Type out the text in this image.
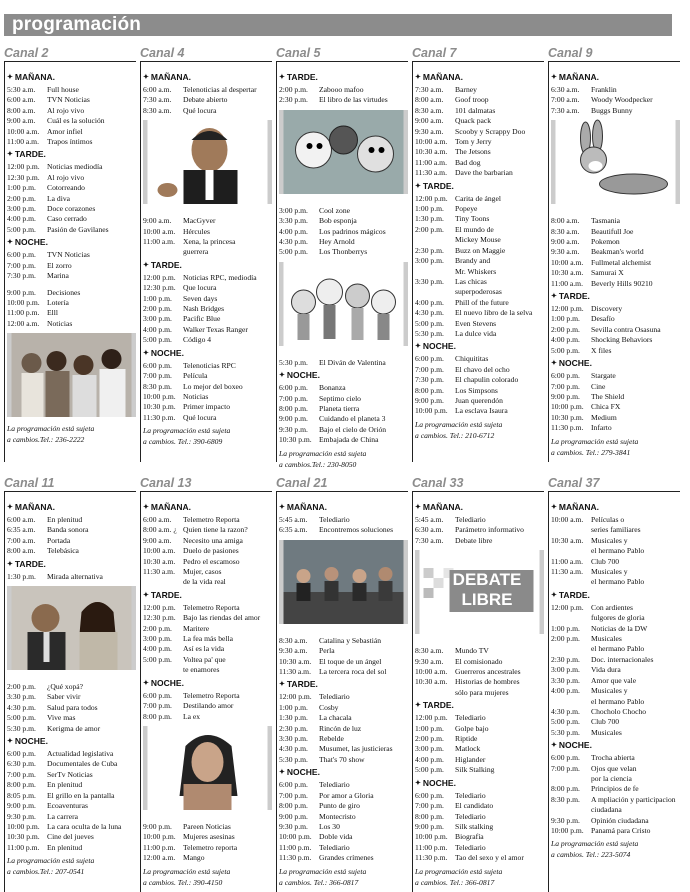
programación
Canal 2
✦ MAÑANA.
5:30 a.m.	Full house
6:00 a.m.	TVN Noticias
8:00 a.m.	Al rojo vivo
9:00 a.m.	Cuál es la solución
10:00 a.m.	Amor infiel
11:00 a.m.	Trapos íntimos
✦ TARDE.
12:00 p.m. Noticias mediodía
12:30 p.m. Al rojo vivo
1:00 p.m.	Cotorreando
2:00 p.m.	La diva
3:00 p.m.	Doce corazones
4:00 p.m.	Caso cerrado
5:00 p.m.	Pasión de Gavilanes
✦ NOCHE.
6:00 p.m.	TVN Noticias
7:00 p.m.	El zorro
7:30 p.m.	Marina
9:00 p.m.	Decisiones
10:00 p.m. Lotería
11:00 p.m. Elll
12:00 a.m.	Noticias
La programación está sujeta
a cambios.Tel.: 236-2222
Canal 4
✦ MAÑANA.
6:00 a.m.	Telenoticias al despertar
7:30 a.m.	Debate abierto
8:30 a.m.	Qué locura
9:00 a.m.	MacGyver
10:00 a.m.	Hércules
11:00 a.m.	Xena, la princesa
guerrera
✦ TARDE.
12:00 p.m. Noticias RPC, mediodía
12:30 p.m. Que locura
1:00 p.m.	Seven days
2:00 p.m.	Nash Bridges
3:00 p.m.	Pacific Blue
4:00 p.m.	Walker Texas Ranger
5:00 p.m.	Código 4
✦ NOCHE.
6:00 p.m.	Telenoticias RPC
7:00 p.m.	Película
8:30 p.m.	Lo mejor del boxeo
10:00 p.m. Noticias
10:30 p.m. Primer impacto
11:30 p.m. Qué locura
La programación está sujeta
a cambios. Tel.: 390-6809
Canal 5
✦ TARDE.
2:00 p.m.	Zabooo mafoo
2:30 p.m.	El libro de las virtudes
3:00 p.m.	Cool zone
3:30 p.m.	Bob esponja
4:00 p.m.	Los padrinos mágicos
4:30 p.m.	Hey Arnold
5:00 p.m.	Los Thonberrys
5:30 p.m.	El Diván de Valentina
✦ NOCHE.
6:00 p.m.	Bonanza
7:00 p.m.	Septimo cielo
8:00 p.m.	Planeta tierra
9:00 p.m.	Cuidando el planeta 3
9:30 p.m.	Bajo el cielo de Orión
10:30 p.m. Embajada de China
La programación está sujeta
a cambios.Tel.: 230-8050
Canal 7
✦ MAÑANA.
7:30 a.m.	Barney
8:00 a.m.	Goof troop
8:30 a.m.	101 dalmatas
9:00 a.m.	Quack pack
9:30 a.m.	Scooby y Scrappy Doo
10:00 a.m.	Tom y Jerry
10:30 a.m.	The Jetsons
11:00 a.m.	Bad dog
11:30 a.m.	Dave the barbarian
✦ TARDE.
12:00 p.m. Carita de ángel
1:00 p.m.	Popeye
1:30 p.m.	Tiny Toons
2:00 p.m.	El mundo de
Mickey Mouse
2:30 p.m.	Buzz on Maggie
3:00 p.m.	Brandy and
Mr. Whiskers
3:30 p.m.	Las chicas
superpoderosas
4:00 p.m.	Phill of the future
4:30 p.m.	El nuevo libro de la selva
5:00 p.m.	Even Stevens
5:30 p.m.	La dulce vida
✦ NOCHE.
6:00 p.m.	Chiquititas
7:00 p.m.	El chavo del ocho
7:30 p.m.	El chapulin colorado
8:00 p.m.	Los Simpsons
9:00 p.m.	Juan querendón
10:00 p.m. La esclava Isaura
La programación está sujeta
a cambios. Tel.: 210-6712
Canal 9
✦ MAÑANA.
6:30 a.m.	Franklin
7:00 a.m.	Woody Woodpecker
7:30 a.m.	Buggs Bunny
8:00 a.m.	Tasmania
8:30 a.m.	Beautifull Joe
9:00 a.m.	Pokemon
9:30 a.m.	Beakman's world
10:00 a.m.	Fullmetal alchemist
10:30 a.m.	Samurai X
11:00 a.m.	Beverly Hills 90210
✦ TARDE.
12:00 p.m. Discovery
1:00 p.m.	Desafío
2:00 p.m.	Sevilla contra Osasuna
4:00 p.m.	Shocking Behaviors
5:00 p.m.	X files
✦ NOCHE.
6:00 p.m.	Stargate
7:00 p.m.	Cine
9:00 p.m.	The Shield
10:00 p.m. Chica FX
10:30 p.m. Medium
11:30 p.m. Infarto
La programación está sujeta
a cambios. Tel.: 279-3841
Canal 11
✦ MAÑANA.
6:00 a.m.	En plenitud
6:35 a.m.	Banda sonora
7:00 a.m.	Portada
8:00 a.m.	Telebásica
✦ TARDE.
1:30 p.m.	Mirada alternativa
2:00 p.m.	¿Qué xopá?
3:30 p.m.	Saber vivir
4:30 p.m.	Salud para todos
5:00 p.m.	Vive mas
5:30 p.m.	Kerigma de amor
✦ NOCHE.
6:00 p.m.	Actualidad legislativa
6:30 p.m.	Documentales de Cuba
7:00 p.m.	SerTv Noticias
8:00 p.m.	En plenitud
8:05 p.m.	El grillo en la pantalla
9:00 p.m.	Ecoaventuras
9:30 p.m.	La carrera
10:00 p.m. La cara oculta de la luna
10:30 p.m. Cine del jueves
11:00 p.m. En plenitud
La programación está sujeta
a cambios.Tel.: 207-0541
Canal 13
✦ MAÑANA.
6:00 a.m.	Telemetro Reporta
8:00 a.m. ¿ Quien tiene la razon?
9:00 a.m.	Necesito una amiga
10:00 a.m.	Duelo de pasiones
10:30 a.m.	Pedro el escamoso
11:30 a.m.	Mujer, casos
de la vida real
✦ TARDE.
12:00 p.m. Telemetro Reporta
12:30 p.m. Bajo las riendas del amor
2:00 p.m.	Maritere
3:00 p.m.	La fea más bella
4:00 p.m.	Así es la vida
5:00 p.m.	Voltea pa' que
te enamores
✦ NOCHE.
6:00 p.m.	Telemetro Reporta
7:00 p.m.	Destilando amor
8:00 p.m.	La ex
9:00 p.m.	Pareen Noticias
10:00 p.m. Mujeres asesinas
11:00 p.m. Telemetro reporta
12:00 a.m.	Mango
La programación está sujeta
a cambios. Tel.: 390-4150
Canal 21
✦ MAÑANA.
5:45 a.m.	Telediario
6:35 a.m.	Encontremos soluciones
8:30 a.m.	Catalina y Sebastián
9:30 a.m.	Perla
10:30 a.m.	El toque de un ángel
11:30 a.m.	La tercera roca del sol
✦ TARDE.
12:00 p.m. Telediario
1:00 p.m.	Cosby
1:30 p.m.	La chacala
2:30 p.m.	Rincón de luz
3:30 p.m.	Rebelde
4:30 p.m.	Musumet, las justicieras
5:30 p.m.	That's 70 show
✦ NOCHE.
6:00 p.m.	Telediario
7:00 p.m.	Por amor a Gloria
8:00 p.m.	Punto de giro
9:00 p.m.	Montecristo
9:30 p.m.	Los 30
10:00 p.m. Doble vida
11:00 p.m. Telediario
11:30 p.m. Grandes crímenes
La programación está sujeta
a cambios. Tel.: 366-0817
Canal 33
✦ MAÑANA.
5:45 a.m.	Telediario
6:30 a.m.	Parámetro informativo
7:30 a.m.	Debate libre
DEBATE
LIBRE
8:30 a.m.	Mundo TV
9:30 a.m.	El comisionado
10:00 a.m.	Guerreros ancestrales
10:30 a.m.	Historias de hombres
sólo para mujeres
✦ TARDE.
12:00 p.m. Telediario
1:00 p.m.	Golpe bajo
2:00 p.m.	Riptide
3:00 p.m.	Matlock
4:00 p.m.	Higlander
5:00 p.m.	Silk Stalking
✦ NOCHE.
6:00 p.m.	Telediario
7:00 p.m.	El candidato
8:00 p.m.	Telediario
9:00 p.m.	Silk stalking
10:00 p.m. Biografía
11:00 p.m. Telediario
11:30 p.m. Tao del sexo y el amor
La programación está sujeta
a cambios. Tel.: 366-0817
Canal 37
✦ MAÑANA.
10:00 a.m.	Películas o
series familiares
10:30 a.m.	Musicales y
el hermano Pablo
11:00 a.m.	Club 700
11:30 a.m.	Musicales y
el hermano Pablo
✦ TARDE.
12:00 p.m. Con ardientes
fulgores de gloria
1:00 p.m.	Noticias de la DW
2:00 p.m.	Musicales
el hermano Pablo
2:30 p.m.	Doc. internacionales
3:00 p.m.	Vida dura
3:30 p.m.	Amor que vale
4:00 p.m.	Musicales y
el hermano Pablo
4:30 p.m.	Chocholo Chocho
5:00 p.m.	Club 700
5:30 p.m.	Musicales
✦ NOCHE.
6:00 p.m.	Trocha abierta
7:00 p.m.	Ojos que velan
por la ciencia
8:00 p.m.	Principios de fe
8:30 p.m.	A mpliación y participacion
ciudadana
9:30 p.m.	Opinión ciudadana
10:00 p.m. Panamá para Cristo
La programación está sujeta
a cambios. Tel.: 223-5074
